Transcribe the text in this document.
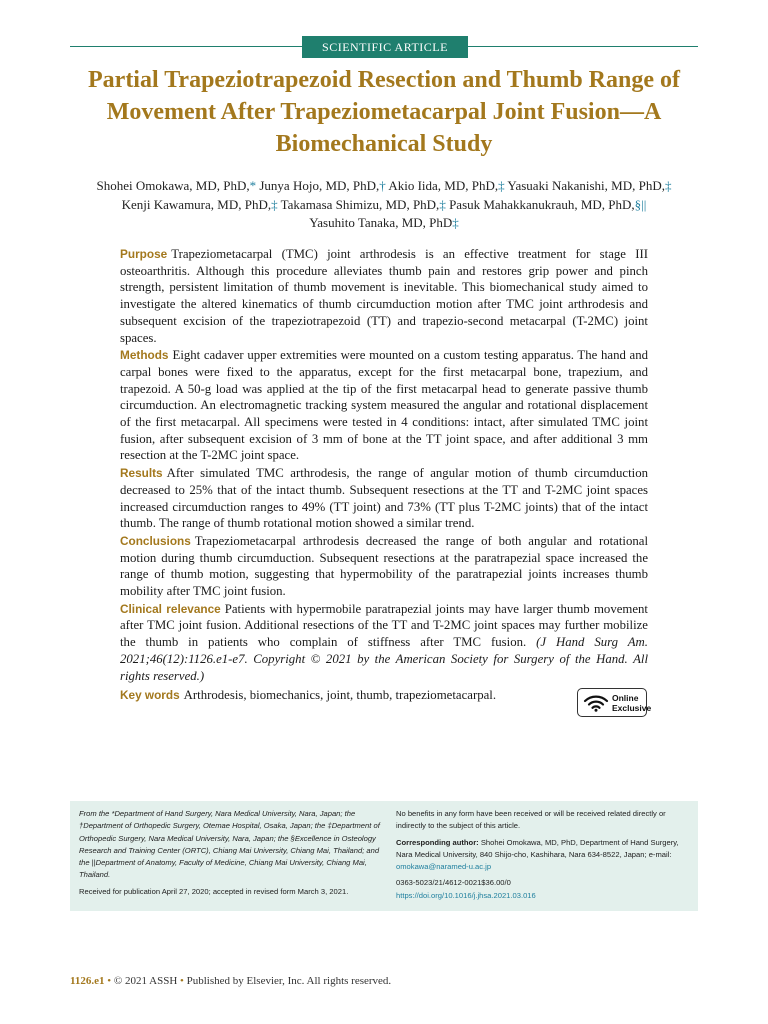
SCIENTIFIC ARTICLE
Partial Trapeziotrapezoid Resection and Thumb Range of Movement After Trapeziometacarpal Joint Fusion—A Biomechanical Study
Shohei Omokawa, MD, PhD,* Junya Hojo, MD, PhD,† Akio Iida, MD, PhD,‡ Yasuaki Nakanishi, MD, PhD,‡
Kenji Kawamura, MD, PhD,‡ Takamasa Shimizu, MD, PhD,‡ Pasuk Mahakkanukrauh, MD, PhD,§||
Yasuhito Tanaka, MD, PhD‡

Purpose Trapeziometacarpal (TMC) joint arthrodesis is an effective treatment for stage III osteoarthritis. Although this procedure alleviates thumb pain and restores grip power and pinch strength, persistent limitation of thumb movement is inevitable. This biomechanical study aimed to investigate the altered kinematics of thumb circumduction motion after TMC joint arthrodesis and subsequent excision of the trapeziotrapezoid (TT) and trapezio-second metacarpal (T-2MC) joint spaces.

Methods Eight cadaver upper extremities were mounted on a custom testing apparatus. The hand and carpal bones were fixed to the apparatus, except for the first metacarpal bone, trapezium, and trapezoid. A 50-g load was applied at the tip of the first metacarpal head to generate passive thumb circumduction. An electromagnetic tracking system measured the angular and rotational displacement of the first metacarpal. All specimens were tested in 4 conditions: intact, after simulated TMC joint fusion, after subsequent excision of 3 mm of bone at the TT joint space, and after additional 3 mm resection at the T-2MC joint space.

Results After simulated TMC arthrodesis, the range of angular motion of thumb circumduction decreased to 25% that of the intact thumb. Subsequent resections at the TT and T-2MC joint spaces increased circumduction ranges to 49% (TT joint) and 73% (TT plus T-2MC joints) that of the intact thumb. The range of thumb rotational motion showed a similar trend.

Conclusions Trapeziometacarpal arthrodesis decreased the range of both angular and rotational motion during thumb circumduction. Subsequent resections at the paratrapezial space increased the range of thumb motion, suggesting that hypermobility of the paratrapezial joints increases thumb mobility after TMC joint fusion.

Clinical relevance Patients with hypermobile paratrapezial joints may have larger thumb movement after TMC joint fusion. Additional resections of the TT and T-2MC joint spaces may further mobilize the thumb in patients who complain of stiffness after TMC fusion. (J Hand Surg Am. 2021;46(12):1126.e1-e7. Copyright © 2021 by the American Society for Surgery of the Hand. All rights reserved.)

Key words Arthrodesis, biomechanics, joint, thumb, trapeziometacarpal.	Online
Exclusive

From the *Department of Hand Surgery, Nara Medical University, Nara, Japan; the †Department of Orthopedic Surgery, Otemae Hospital, Osaka, Japan; the ‡Department of Orthopedic Surgery, Nara Medical University, Nara, Japan; the §Excellence in Osteology Research and Training Center (ORTC), Chiang Mai University, Chiang Mai, Thailand; and the ||Department of Anatomy, Faculty of Medicine, Chiang Mai University, Chiang Mai, Thailand.

Received for publication April 27, 2020; accepted in revised form March 3, 2021.

No benefits in any form have been received or will be received related directly or indirectly to the subject of this article.

Corresponding author: Shohei Omokawa, MD, PhD, Department of Hand Surgery, Nara Medical University, 840 Shijo-cho, Kashihara, Nara 634-8522, Japan; e-mail: omokawa@naramed-u.ac.jp

0363-5023/21/4612-0021$36.00/0
https://doi.org/10.1016/j.jhsa.2021.03.016

1126.e1 • © 2021 ASSH • Published by Elsevier, Inc. All rights reserved.
